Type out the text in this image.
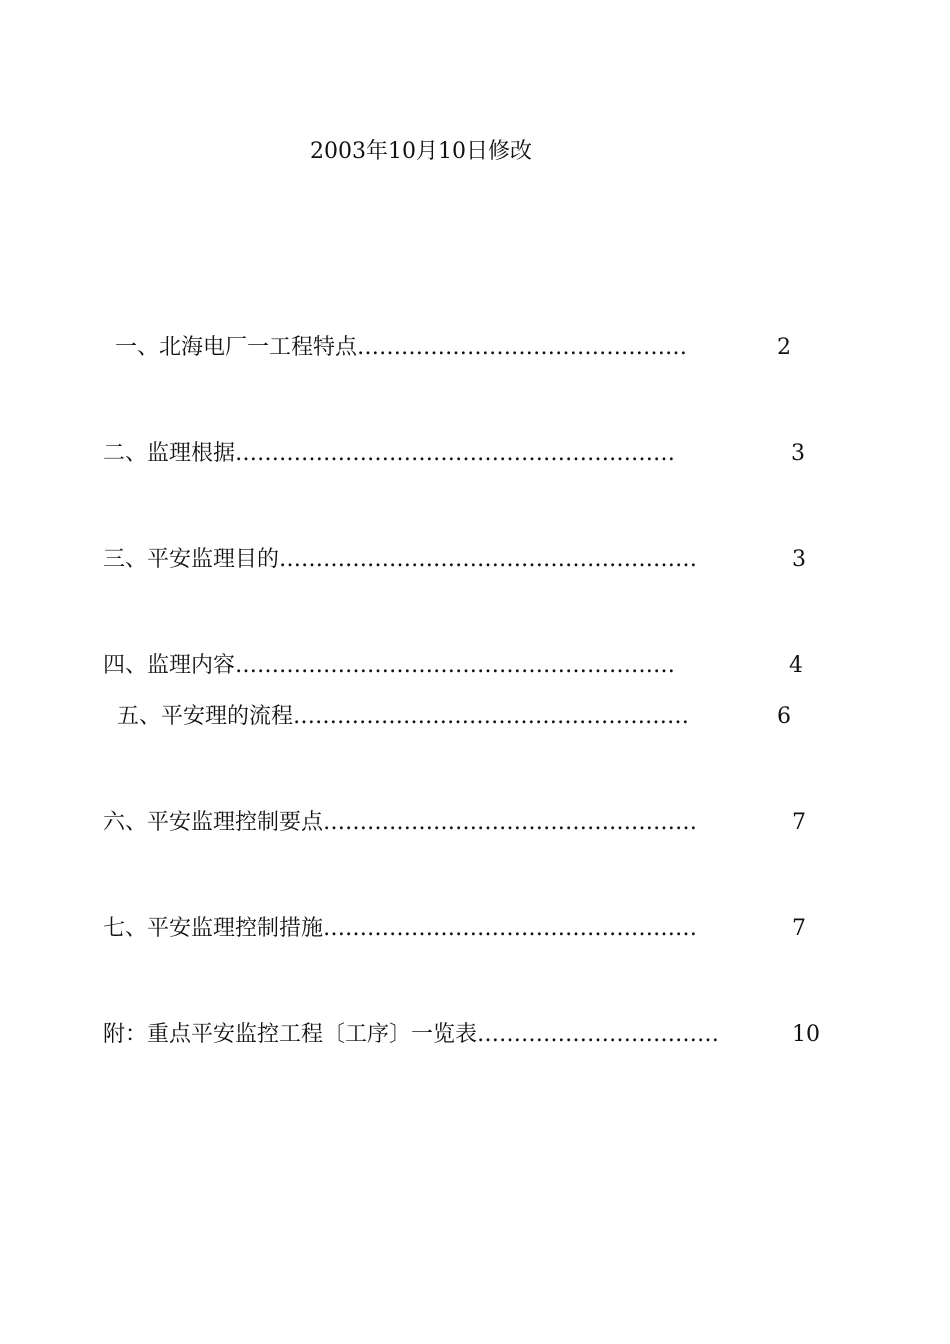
2003年10月10日修改
一、北海电厂一工程特点………………………………………	2
二、监理根据……………………………………………………	3
三、平安监理目的…………………………………………………	3
四、监理内容……………………………………………………	4
五、平安理的流程………………………………………………	6
六、平安监理控制要点……………………………………………	7
七、平安监理控制措施……………………………………………	7
附：重点平安监控工程〔工序〕一览表……………………………	10
